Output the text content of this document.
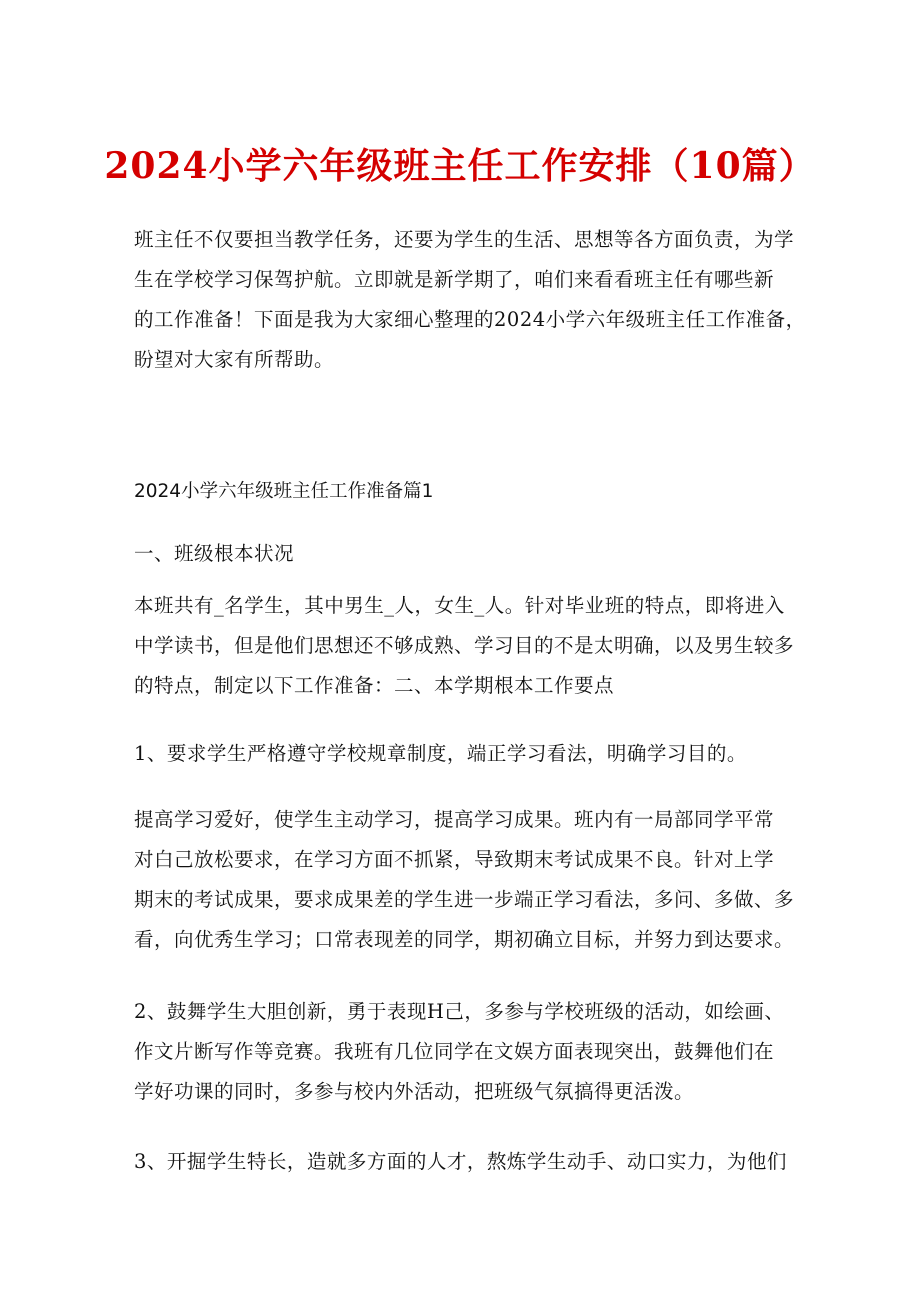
2024小学六年级班主任工作安排（10篇）
班主任不仅要担当教学任务，还要为学生的生活、思想等各方面负责，为学
生在学校学习保驾护航。立即就是新学期了，咱们来看看班主任有哪些新
的工作准备！下面是我为大家细心整理的2024小学六年级班主任工作准备，
盼望对大家有所帮助。
2024小学六年级班主任工作准备篇1
一、班级根本状况
本班共有_名学生，其中男生_人，女生_人。针对毕业班的特点，即将进入
中学读书，但是他们思想还不够成熟、学习目的不是太明确，以及男生较多
的特点，制定以下工作准备：二、本学期根本工作要点
1、要求学生严格遵守学校规章制度，端正学习看法，明确学习目的。
提高学习爱好，使学生主动学习，提高学习成果。班内有一局部同学平常
对白己放松要求，在学习方面不抓紧，导致期末考试成果不良。针对上学
期末的考试成果，要求成果差的学生进一步端正学习看法，多问、多做、多
看，向优秀生学习；口常表现差的同学，期初确立目标，并努力到达要求。
2、鼓舞学生大胆创新，勇于表现H己，多参与学校班级的活动，如绘画、
作文片断写作等竞赛。我班有几位同学在文娱方面表现突出，鼓舞他们在
学好功课的同时，多参与校内外活动，把班级气氛搞得更活泼。
3、开掘学生特长，造就多方面的人才，熬炼学生动手、动口实力，为他们
